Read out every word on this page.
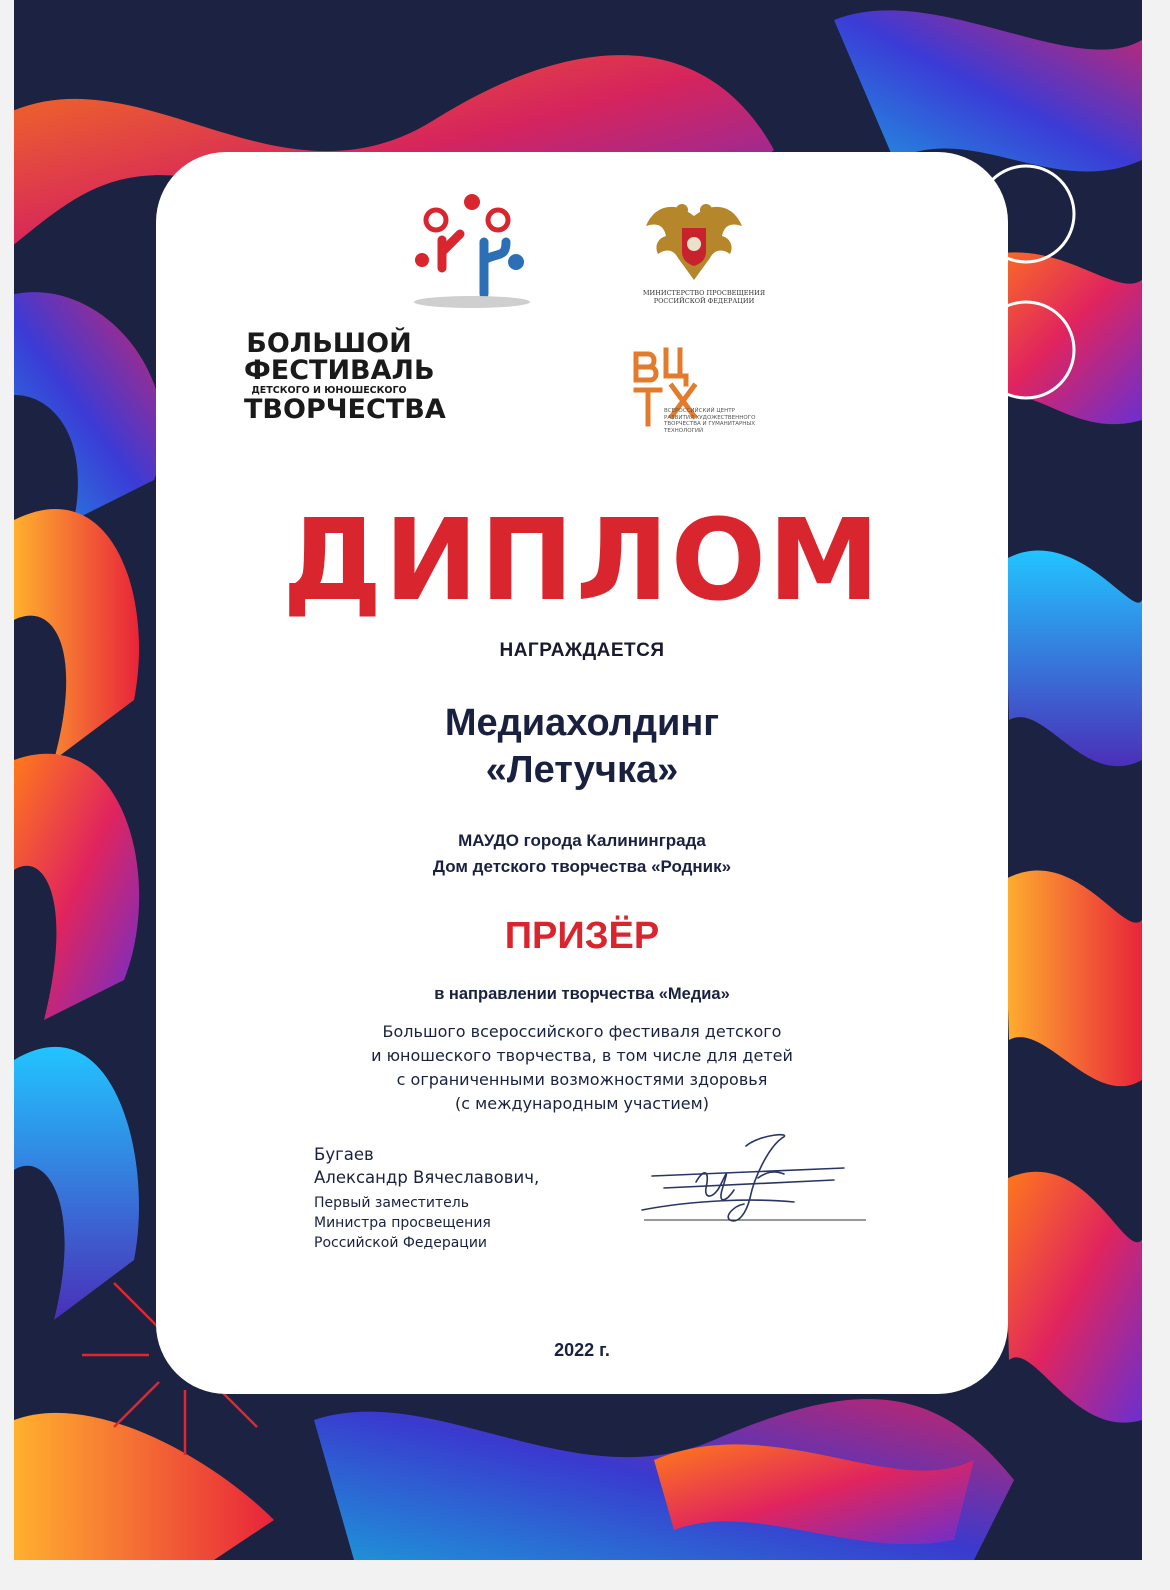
БОЛЬШОЙ
ФЕСТИВАЛЬ
ДЕТСКОГО И ЮНОШЕСКОГО
ТВОРЧЕСТВА
МИНИСТЕРСТВО ПРОСВЕЩЕНИЯ
РОССИЙСКОЙ ФЕДЕРАЦИИ
ВСЕРОССИЙСКИЙ ЦЕНТР
РАЗВИТИЯ ХУДОЖЕСТВЕННОГО
ТВОРЧЕСТВА И ГУМАНИТАРНЫХ
ТЕХНОЛОГИЙ
ДИПЛОМ
НАГРАЖДАЕТСЯ
Медиахолдинг
«Летучка»
МАУДО города Калининграда
Дом детского творчества «Родник»
ПРИЗЁР
в направлении творчества «Медиа»
Большого всероссийского фестиваля детского
и юношеского творчества, в том числе для детей
с ограниченными возможностями здоровья
(с международным участием)
2022 г.
Бугаев
Александр Вячеславович,
Первый заместитель
Министра просвещения
Российской Федерации
